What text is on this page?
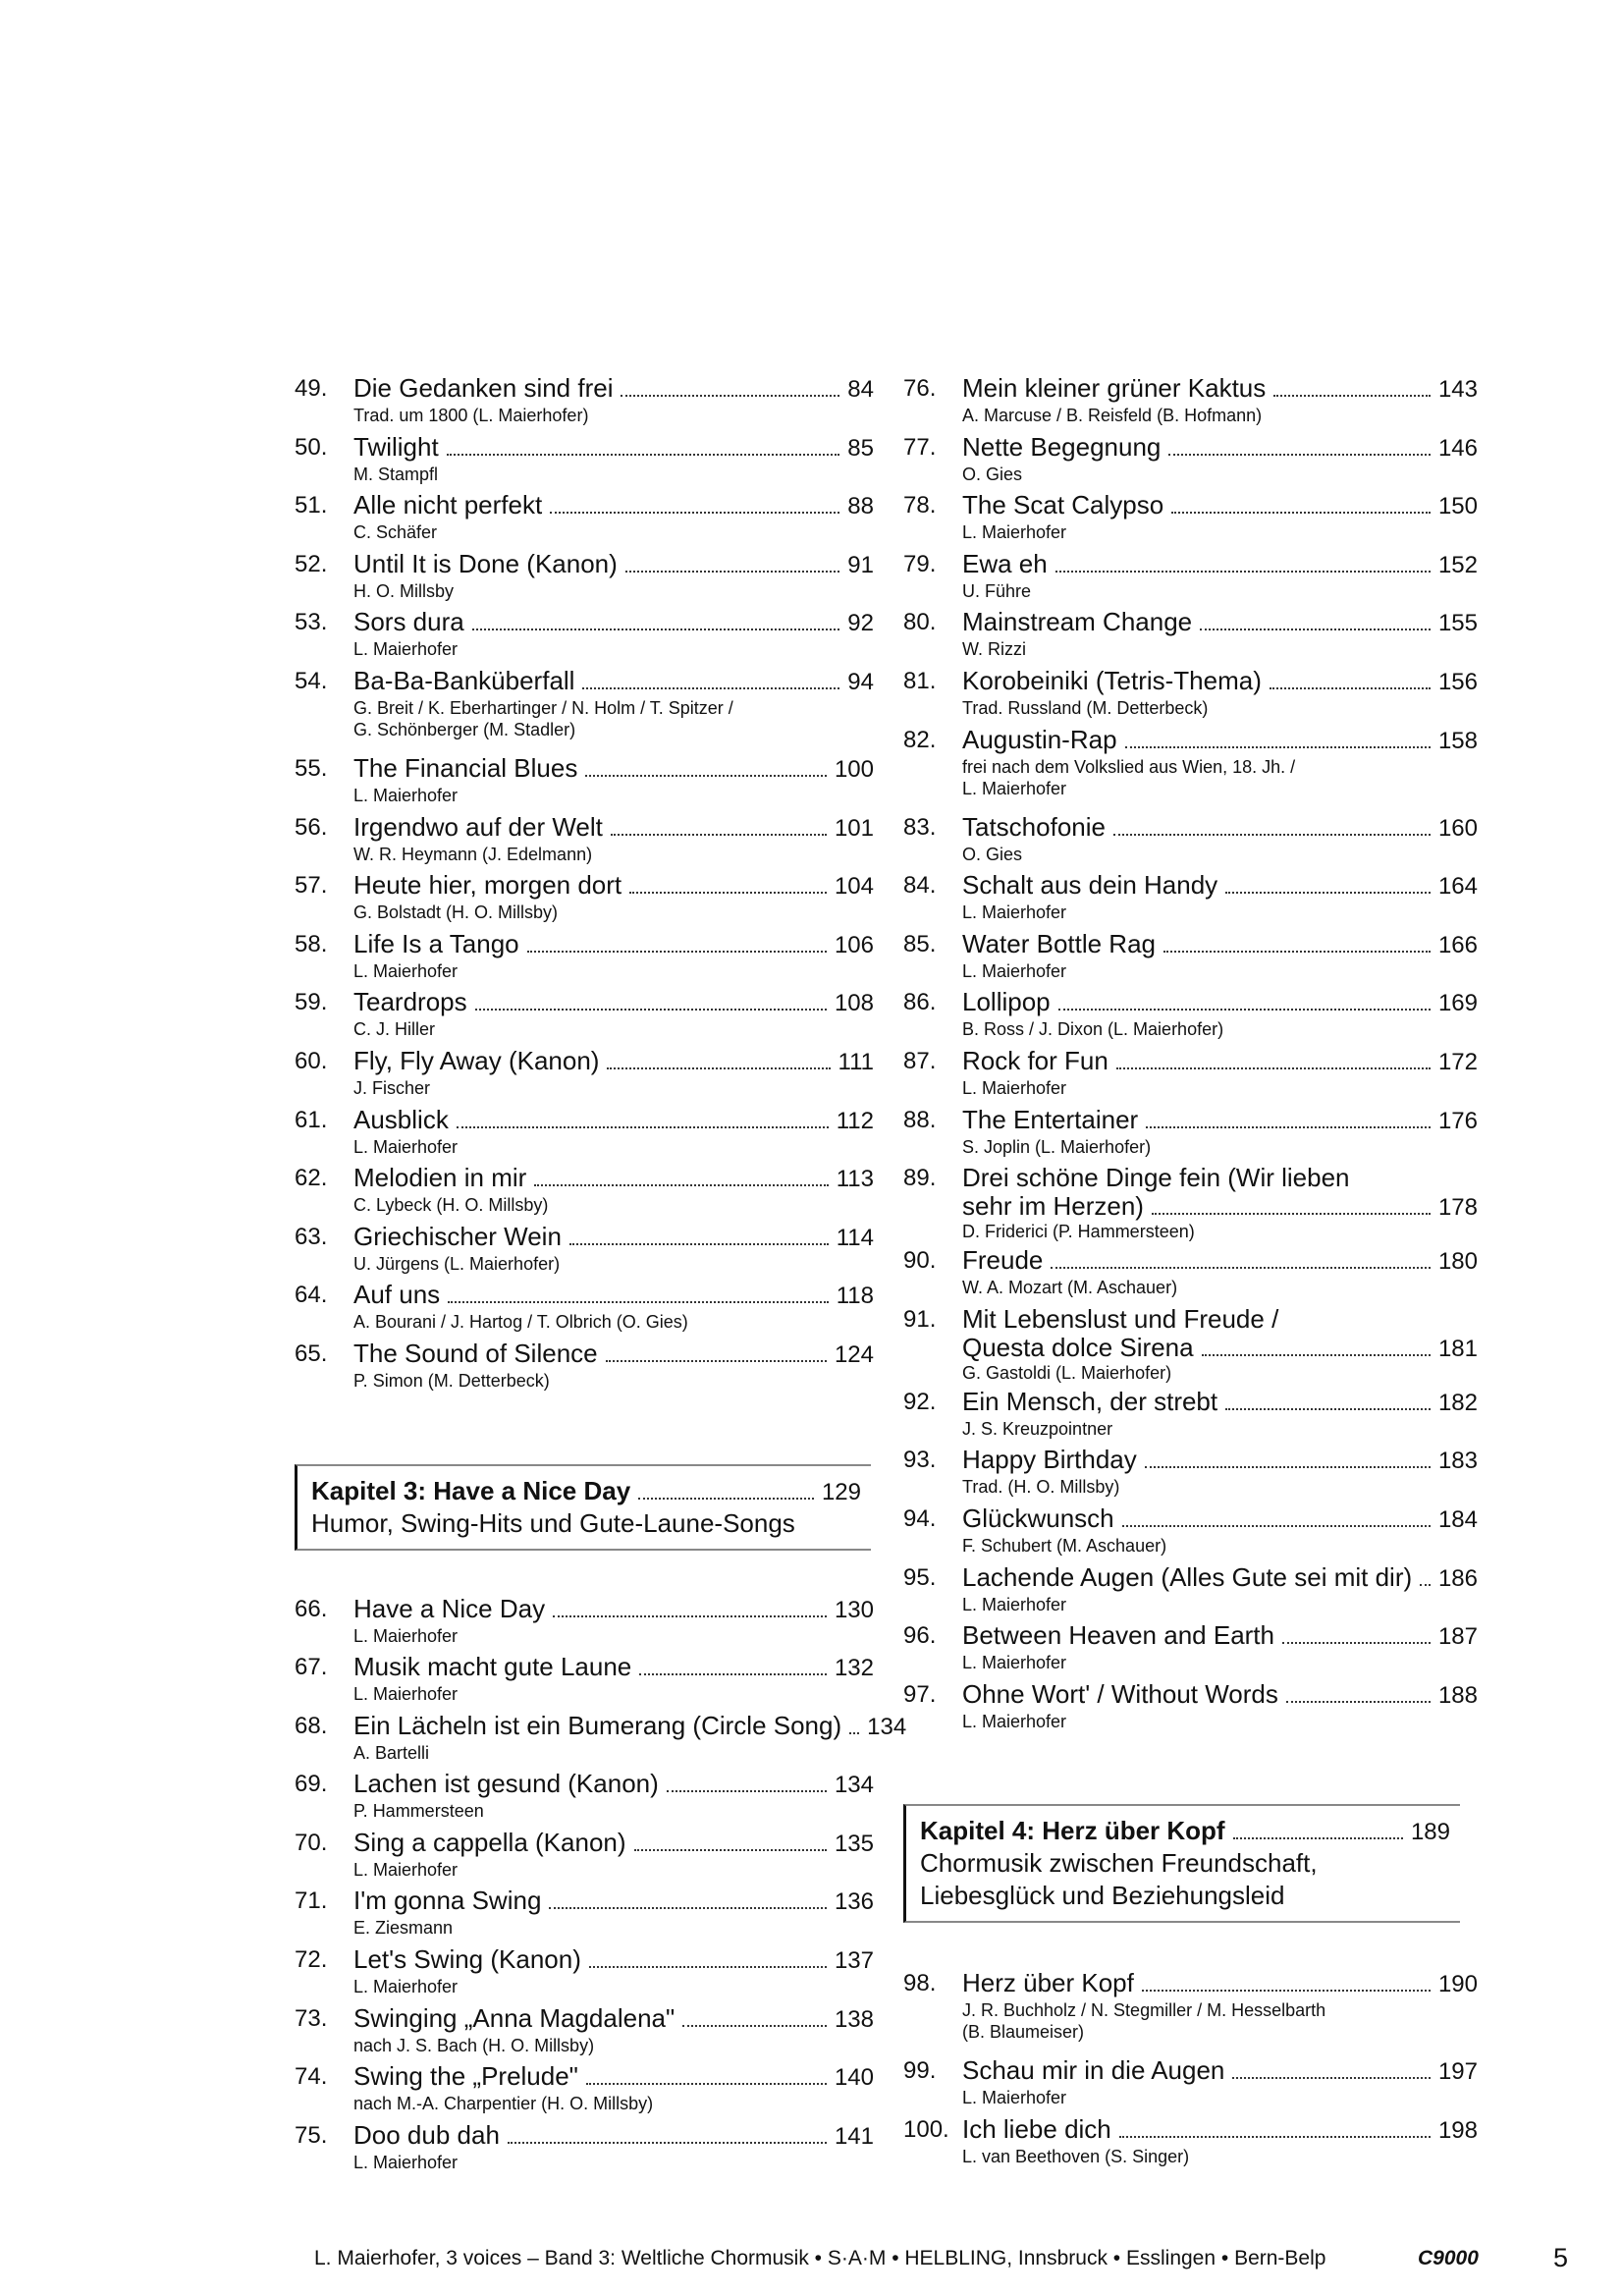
49. Die Gedanken sind frei	84
Trad. um 1800 (L. Maierhofer)
50. Twilight	85
M. Stampfl
51. Alle nicht perfekt	88
C. Schäfer
52. Until It is Done (Kanon)	91
H. O. Millsby
53. Sors dura	92
L. Maierhofer
54. Ba-Ba-Banküberfall	94
G. Breit / K. Eberhartinger / N. Holm / T. Spitzer /
G. Schönberger (M. Stadler)
55. The Financial Blues	100
L. Maierhofer
56. Irgendwo auf der Welt	101
W. R. Heymann (J. Edelmann)
57. Heute hier, morgen dort	104
G. Bolstadt (H. O. Millsby)
58. Life Is a Tango	106
L. Maierhofer
59. Teardrops	108
C. J. Hiller
60. Fly, Fly Away (Kanon)	111
J. Fischer
61. Ausblick	112
L. Maierhofer
62. Melodien in mir	113
C. Lybeck (H. O. Millsby)
63. Griechischer Wein	114
U. Jürgens (L. Maierhofer)
64. Auf uns	118
A. Bourani / J. Hartog / T. Olbrich (O. Gies)
65. The Sound of Silence	124
P. Simon (M. Detterbeck)
Kapitel 3: Have a Nice Day	129
Humor, Swing-Hits und Gute-Laune-Songs
66. Have a Nice Day	130
L. Maierhofer
67. Musik macht gute Laune	132
L. Maierhofer
68. Ein Lächeln ist ein Bumerang (Circle Song) 134
A. Bartelli
69. Lachen ist gesund (Kanon)	134
P. Hammersteen
70. Sing a cappella (Kanon)	135
L. Maierhofer
71. I'm gonna Swing	136
E. Ziesmann
72. Let's Swing (Kanon)	137
L. Maierhofer
73. Swinging „Anna Magdalena"	138
nach J. S. Bach (H. O. Millsby)
74. Swing the „Prelude"	140
nach M.-A. Charpentier (H. O. Millsby)
75. Doo dub dah	141
L. Maierhofer
76. Mein kleiner grüner Kaktus	143
A. Marcuse / B. Reisfeld (B. Hofmann)
77. Nette Begegnung	146
O. Gies
78. The Scat Calypso	150
L. Maierhofer
79. Ewa eh	152
U. Führe
80. Mainstream Change	155
W. Rizzi
81. Korobeiniki (Tetris-Thema)	156
Trad. Russland (M. Detterbeck)
82. Augustin-Rap	158
frei nach dem Volkslied aus Wien, 18. Jh. /
L. Maierhofer
83. Tatschofonie	160
O. Gies
84. Schalt aus dein Handy	164
L. Maierhofer
85. Water Bottle Rag	166
L. Maierhofer
86. Lollipop	169
B. Ross / J. Dixon (L. Maierhofer)
87. Rock for Fun	172
L. Maierhofer
88. The Entertainer	176
S. Joplin (L. Maierhofer)
89. Drei schöne Dinge fein (Wir lieben
sehr im Herzen)	178
D. Friderici (P. Hammersteen)
90. Freude	180
W. A. Mozart (M. Aschauer)
91. Mit Lebenslust und Freude /
Questa dolce Sirena	181
G. Gastoldi (L. Maierhofer)
92. Ein Mensch, der strebt	182
J. S. Kreuzpointner
93. Happy Birthday	183
Trad. (H. O. Millsby)
94. Glückwunsch	184
F. Schubert (M. Aschauer)
95. Lachende Augen (Alles Gute sei mit dir) 186
L. Maierhofer
96. Between Heaven and Earth	187
L. Maierhofer
97. Ohne Wort' / Without Words	188
L. Maierhofer
Kapitel 4: Herz über Kopf	189
Chormusik zwischen Freundschaft,
Liebesglück und Beziehungsleid
98. Herz über Kopf	190
J. R. Buchholz / N. Stegmiller / M. Hesselbarth
(B. Blaumeiser)
99. Schau mir in die Augen	197
L. Maierhofer
100. Ich liebe dich	198
L. van Beethoven (S. Singer)
L. Maierhofer, 3 voices – Band 3: Weltliche Chormusik • S·A·M • HELBLING, Innsbruck • Esslingen • Bern-Belp	C9000	5
